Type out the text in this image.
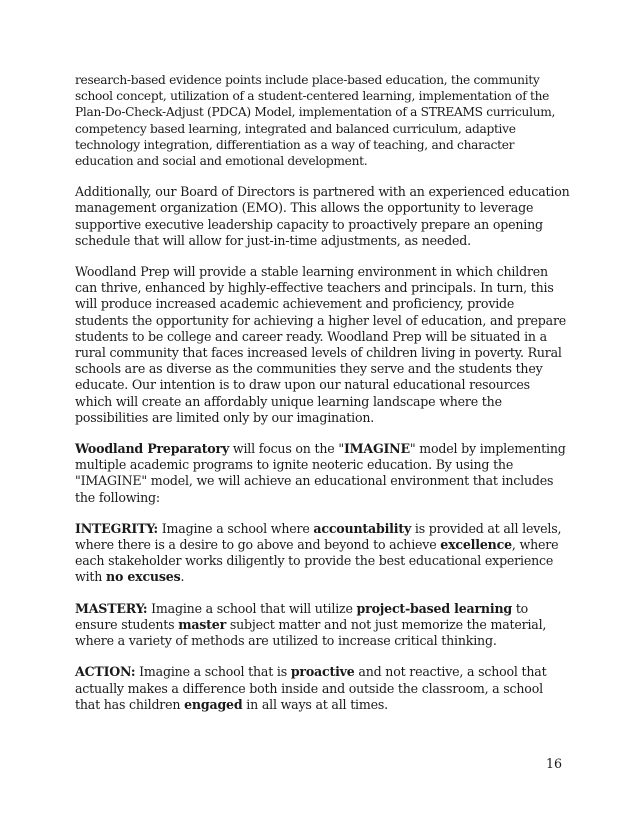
research-based evidence points include place-based education, the community school concept, utilization of a student-centered learning, implementation of the Plan-Do-Check-Adjust (PDCA) Model, implementation of a STREAMS curriculum, competency based learning, integrated and balanced curriculum, adaptive technology integration, differentiation as a way of teaching, and character education and social and emotional development.

Additionally, our Board of Directors is partnered with an experienced education management organization (EMO). This allows the opportunity to leverage supportive executive leadership capacity to proactively prepare an opening schedule that will allow for just-in-time adjustments, as needed.

Woodland Prep will provide a stable learning environment in which children can thrive, enhanced by highly-effective teachers and principals. In turn, this will produce increased academic achievement and proficiency, provide students the opportunity for achieving a higher level of education, and prepare students to be college and career ready. Woodland Prep will be situated in a rural community that faces increased levels of children living in poverty. Rural schools are as diverse as the communities they serve and the students they educate. Our intention is to draw upon our natural educational resources which will create an affordably unique learning landscape where the possibilities are limited only by our imagination.

Woodland Preparatory will focus on the "IMAGINE" model by implementing multiple academic programs to ignite neoteric education. By using the "IMAGINE" model, we will achieve an educational environment that includes the following:

INTEGRITY: Imagine a school where accountability is provided at all levels, where there is a desire to go above and beyond to achieve excellence, where each stakeholder works diligently to provide the best educational experience with no excuses.

MASTERY: Imagine a school that will utilize project-based learning to ensure students master subject matter and not just memorize the material, where a variety of methods are utilized to increase critical thinking.

ACTION: Imagine a school that is proactive and not reactive, a school that actually makes a difference both inside and outside the classroom, a school that has children engaged in all ways at all times.

16
